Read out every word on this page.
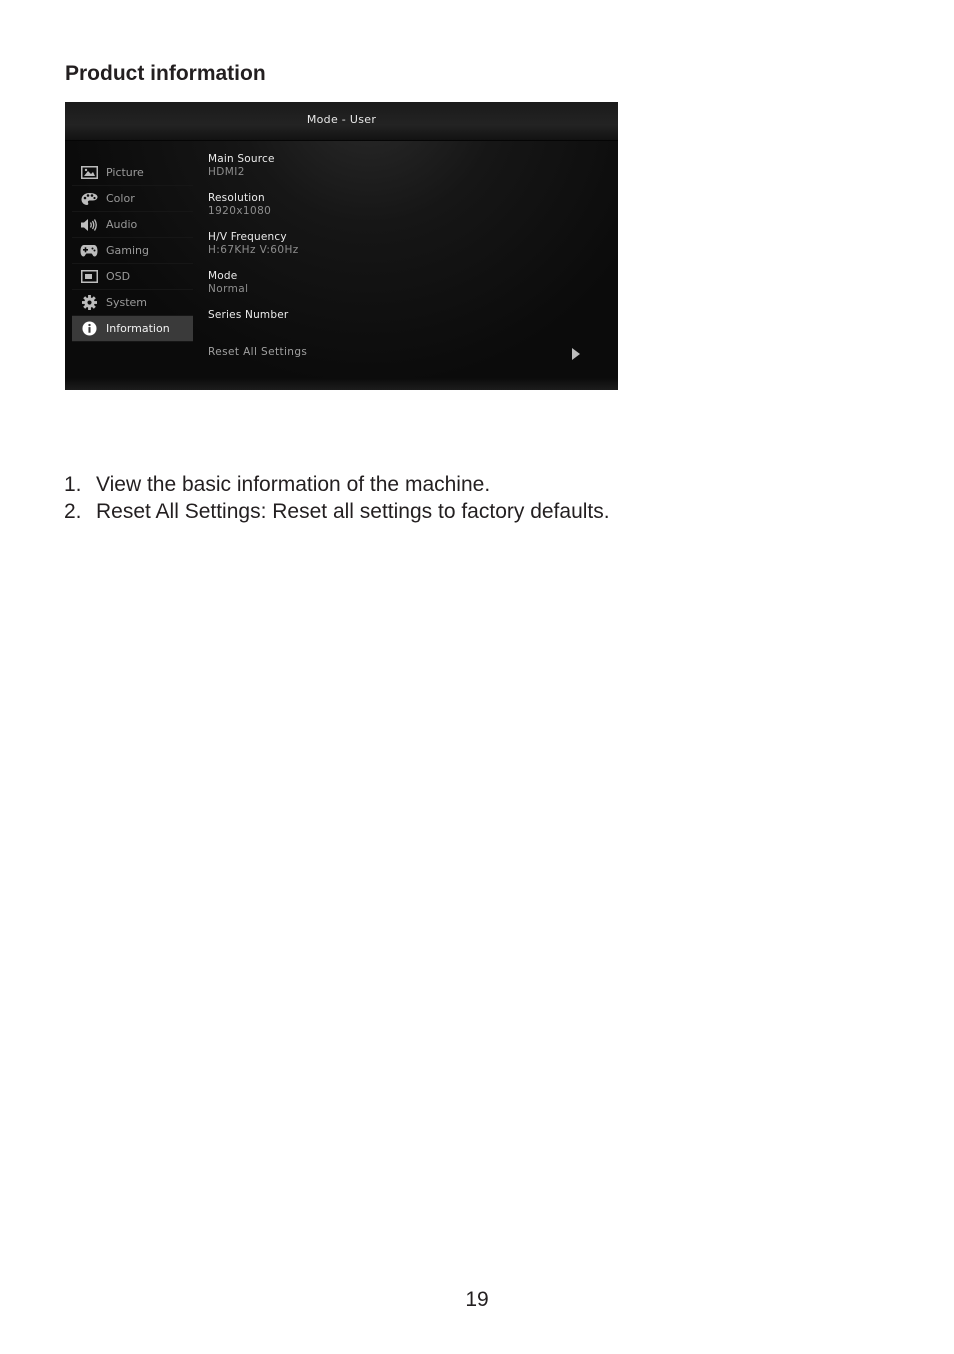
Product information
Mode - User
Picture
Color
Audio
Gaming
OSD
System
Information
Main Source
HDMI2
Resolution
1920x1080
H/V Frequency
H:67KHz V:60Hz
Mode
Normal
Series Number
Reset All Settings
1. View the basic information of the machine.
2. Reset All Settings: Reset all settings to factory defaults.
19
